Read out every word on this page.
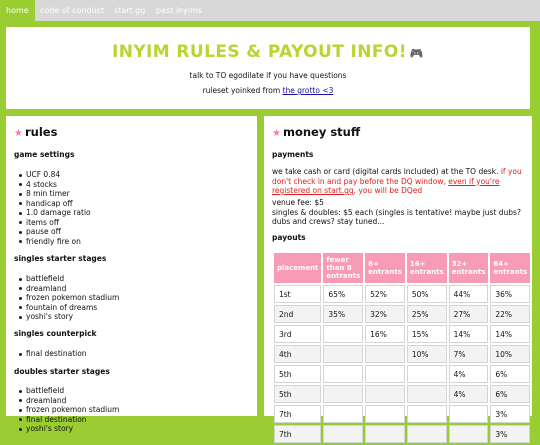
home	code of conduct	start.gg	past inyims
INYIM RULES & PAYOUT INFO! 🎮

talk to TO egodilate if you have questions

ruleset yoinked from the grotto <3

★ rules
game settings
UCF 0.84
4 stocks
8 min timer
handicap off
1.0 damage ratio
items off
pause off
friendly fire on
singles starter stages
battlefield
dreamland
frozen pokemon stadium
fountain of dreams
yoshi's story
singles counterpick
final destination
doubles starter stages
battlefield
dreamland
frozen pokemon stadium
final destination
yoshi's story
★ money stuff
payments
we take cash or card (digital cards included) at the TO desk. if you don't check in and pay before the DQ window, even if you're registered on start.gg, you will be DQed
venue fee: $5
singles & doubles: $5 each (singles is tentative! maybe just dubs? dubs and crews? stay tuned...
payouts
placement	fewer than 8 entrants	8+ entrants	16+ entrants	32+ entrants	64+ entrants
1st	65%	52%	50%	44%	36%
2nd	35%	32%	25%	27%	22%
3rd		16%	15%	14%	14%
4th			10%	7%	10%
5th				4%	6%
5th				4%	6%
7th					3%
7th					3%
